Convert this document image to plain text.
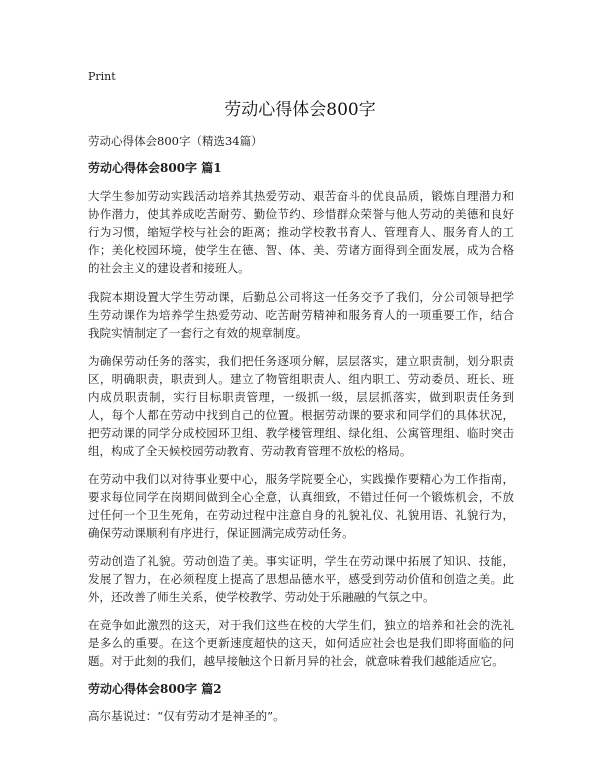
Print
劳动心得体会800字

劳动心得体会800字（精选34篇）

劳动心得体会800字 篇1

大学生参加劳动实践活动培养其热爱劳动、艰苦奋斗的优良品质，锻炼自理潜力和协作潜力，使其养成吃苦耐劳、勤俭节约、珍惜群众荣誉与他人劳动的美德和良好行为习惯，缩短学校与社会的距离；推动学校教书育人、管理育人、服务育人的工作；美化校园环境，使学生在德、智、体、美、劳诸方面得到全面发展，成为合格的社会主义的建设者和接班人。

我院本期设置大学生劳动课，后勤总公司将这一任务交予了我们，分公司领导把学生劳动课作为培养学生热爱劳动、吃苦耐劳精神和服务育人的一项重要工作，结合我院实情制定了一套行之有效的规章制度。

为确保劳动任务的落实，我们把任务逐项分解，层层落实，建立职责制，划分职责区，明确职责，职责到人。建立了物管组职责人、组内职工、劳动委员、班长、班内成员职责制，实行目标职责管理，一级抓一级，层层抓落实，做到职责任务到人，每个人都在劳动中找到自己的位置。根据劳动课的要求和同学们的具体状况，把劳动课的同学分成校园环卫组、教学楼管理组、绿化组、公寓管理组、临时突击组，构成了全天候校园劳动教育、劳动教育管理不放松的格局。

在劳动中我们以对待事业要中心，服务学院要全心，实践操作要精心为工作指南，要求每位同学在岗期间做到全心全意，认真细致，不错过任何一个锻炼机会，不放过任何一个卫生死角，在劳动过程中注意自身的礼貌礼仪、礼貌用语、礼貌行为，确保劳动课顺利有序进行，保证圆满完成劳动任务。

劳动创造了礼貌。劳动创造了美。事实证明，学生在劳动课中拓展了知识、技能，发展了智力，在必须程度上提高了思想品德水平，感受到劳动价值和创造之美。此外，还改善了师生关系，使学校教学、劳动处于乐融融的气氛之中。

在竞争如此激烈的这天，对于我们这些在校的大学生们，独立的培养和社会的洗礼是多么的重要。在这个更新速度超快的这天，如何适应社会也是我们即将面临的问题。对于此刻的我们，越早接触这个日新月异的社会，就意味着我们越能适应它。

劳动心得体会800字 篇2

高尔基说过：“仅有劳动才是神圣的”。
